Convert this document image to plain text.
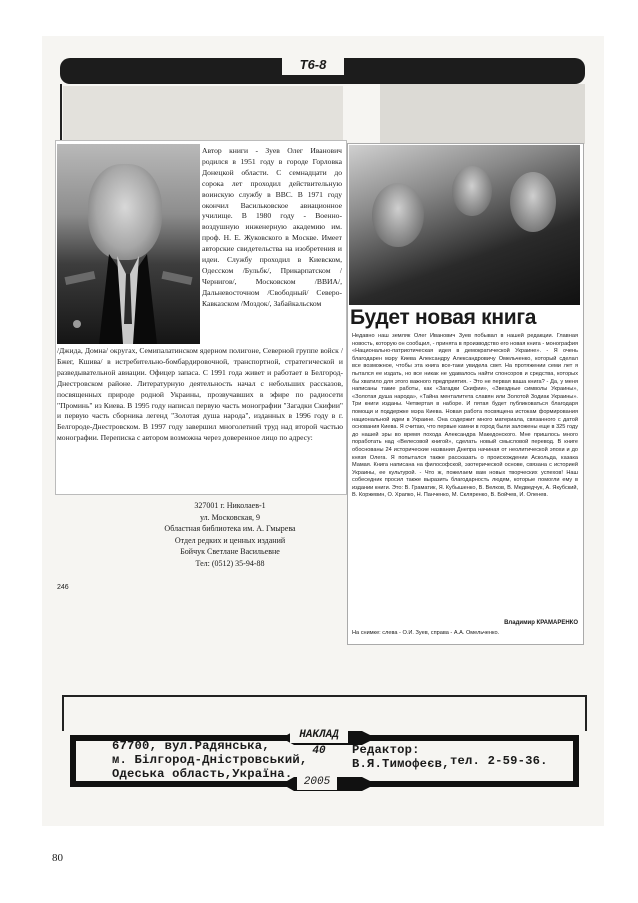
Т6-8

Автор книги - Зуев Олег Иванович родился в 1951 году в городе Горловка Донецкой области. С семнадцати до сорока лет проходил действительную воинскую службу в ВВС. В 1971 году окончил Васильковское авиационное училище. В 1980 году - Военно-воздушную инженерную академию им. проф. Н. Е. Жуковского в Москве. Имеет авторские свидетельства на изобретения и идеи. Службу проходил в Киевском, Одесском /Бульбк/, Прикарпатском /Чернигов/, Московском /ВВИА/, Дальневосточном /Свободный/ Северо-Кавказском /Моздок/, Забайкальском

/Джида, Домна/ округах, Семипалатинском ядерном полигоне, Северной группе войск /Бжег, Кшива/ в истребительно-бомбардировочной, транспортной, стратегической и разведывательной авиации. Офицер запаса. С 1991 года живет и работает в Белгород-Днестровском районе. Литературную деятельность начал с небольших рассказов, посвященных природе родной Украины, прозвучавших в эфире по радиосети "Проминь" из Киева. В 1995 году написал первую часть монографии "Загадки Скифии" и первую часть сборника легенд "Золотая душа народа", изданных в 1996 году в г. Белгороде-Днестровском. В 1997 году завершил многолетний труд над второй частью монографии. Переписка с автором возможна через доверенное лицо по адресу:

327001 г. Николаев-1
ул. Московская, 9
Областная библиотека им. А. Гмырева
Отдел редких и ценных изданий
Бойчук Светлане Васильевне
Тел: (0512) 35-94-88
246
Будет новая книга

Недавно наш земляк Олег Иванович Зуев побывал в нашей редакции. Главная новость, которую он сообщил, - принята в производство его новая книга - монография «Национально-патриотическая идея в демократической Украине». - Я очень благодарен мэру Киева Александру Александровичу Омельченко, который сделал все возможное, чтобы эта книга все-таки увидела свет. На протяжении семи лет я пытался ее издать, но все никак не удавалось найти спонсоров и средства, которых бы хватило для этого важного предприятия. - Это не первая ваша книга? - Да, у меня написаны такие работы, как «Загадки Скифии», «Звездные символы Украины», «Золотая душа народа», «Тайна менталитета славян или Золотой Зодиак Украины». Три книги изданы. Четвертая в наборе. И пятая будет публиковаться благодаря помощи и поддержке мэра Киева. Новая работа посвящена истокам формирования национальной идеи в Украине. Она содержит много материала, связанного с датой основания Киева. Я считаю, что первые камни в город были заложены еще в 325 году до нашей эры во время похода Александра Македонского. Мне пришлось много поработать над «Велесовой книгой», сделать новый смысловой перевод. В книге обоснованы 24 исторические названия Днепра начиная от неолитической эпохи и до князя Олега. Я попытался также рассказать о происхождении Аскольда, казака Мамая. Книга написана на философской, эзотерической основе, связана с историей Украины, ее культурой. - Что ж, пожелаем вам новых творческих успехов! Наш собеседник просил также выразить благодарность людям, которые помогли ему в издании книги. Это: В. Граматик, Я. Кубышенко, В. Велков, В. Медведчук, А. Якубский, В. Коржевин, О. Храпко, Н. Панченко, М. Скляренко, В. Бойчев, И. Оленев.

Владимир КРАМАРЕНКО
На снимке: слева - О.И. Зуев, справа - А.А. Омельченко.
НАКЛАД 40
2005
67700, вул.Радянська,
м. Білгород-Дністровський,
Одеська область,Україна.
Редактор:
В.Я.Тимофеєв, тел. 2-59-36.
80
